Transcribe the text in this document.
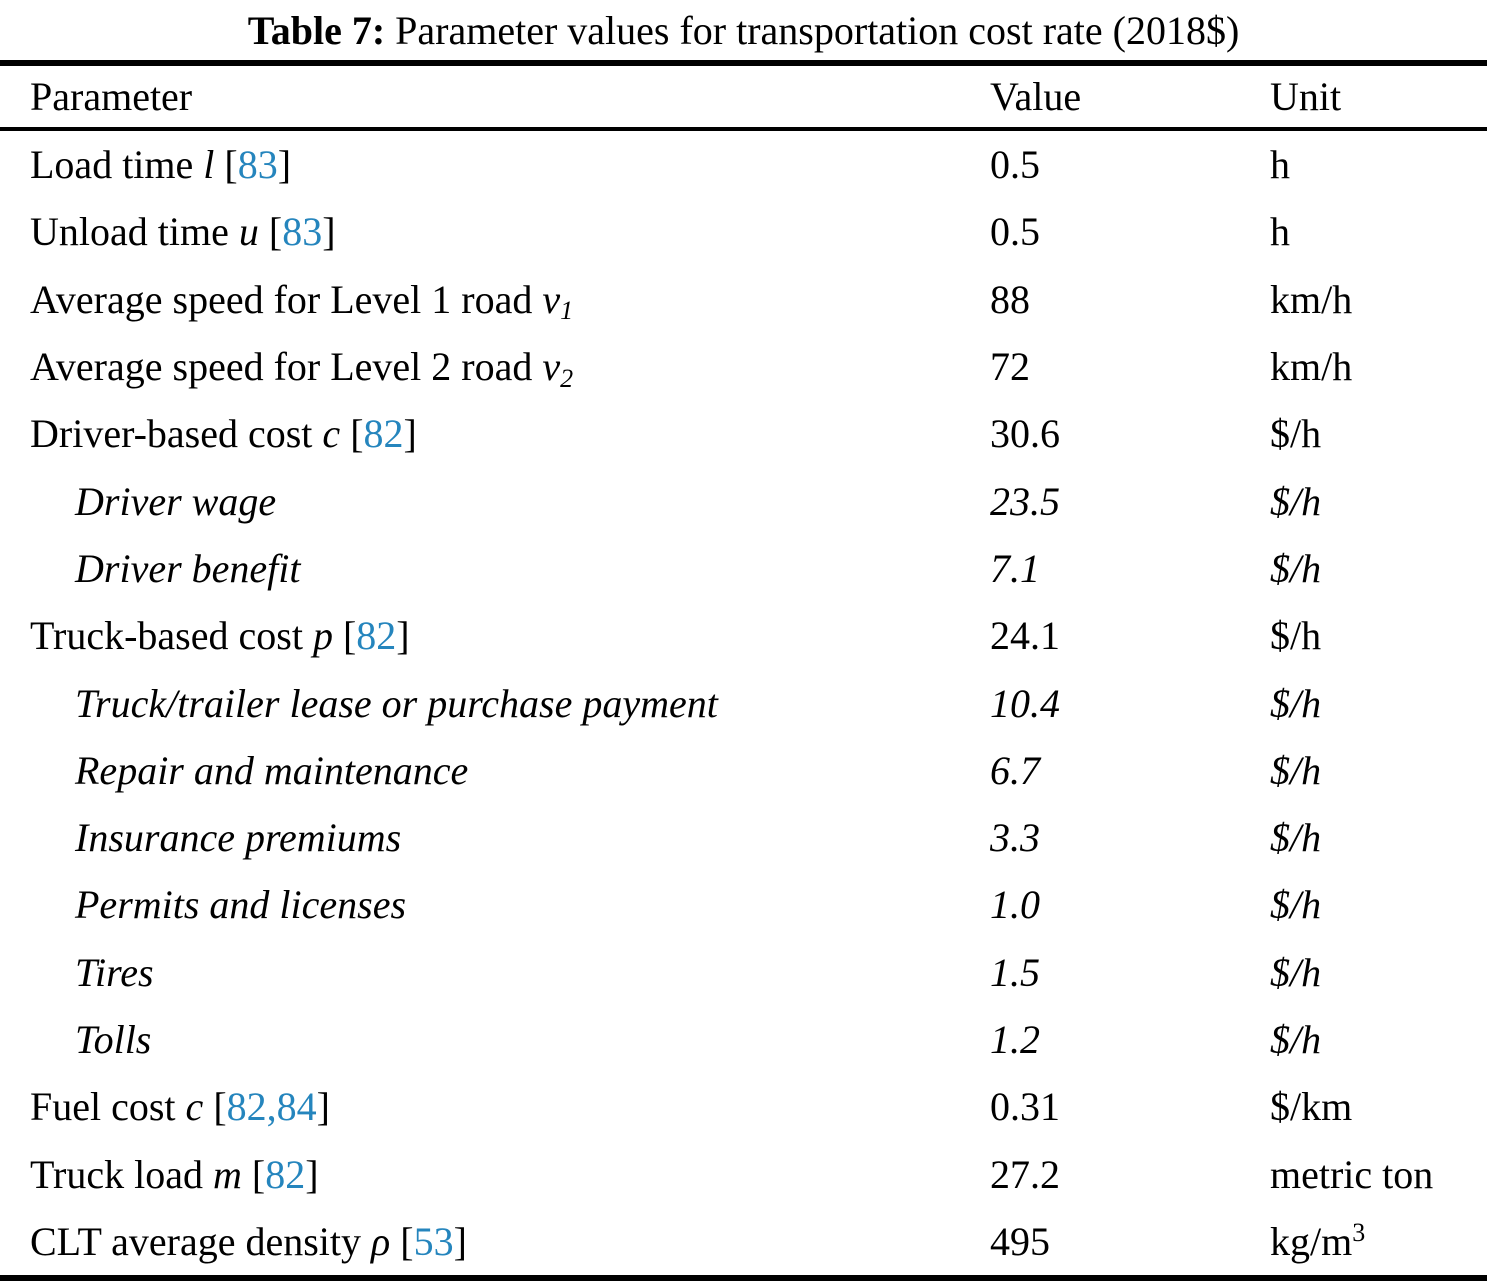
Table 7: Parameter values for transportation cost rate (2018$)
Parameter	Value	Unit
Load time l [83]	0.5	h
Unload time u [83]	0.5	h
Average speed for Level 1 road v1	88	km/h
Average speed for Level 2 road v2	72	km/h
Driver-based cost c [82]	30.6	$/h
Driver wage	23.5	$/h
Driver benefit	7.1	$/h
Truck-based cost p [82]	24.1	$/h
Truck/trailer lease or purchase payment	10.4	$/h
Repair and maintenance	6.7	$/h
Insurance premiums	3.3	$/h
Permits and licenses	1.0	$/h
Tires	1.5	$/h
Tolls	1.2	$/h
Fuel cost c [82,84]	0.31	$/km
Truck load m [82]	27.2	metric ton
CLT average density ρ [53]	495	$kg/m^3$
